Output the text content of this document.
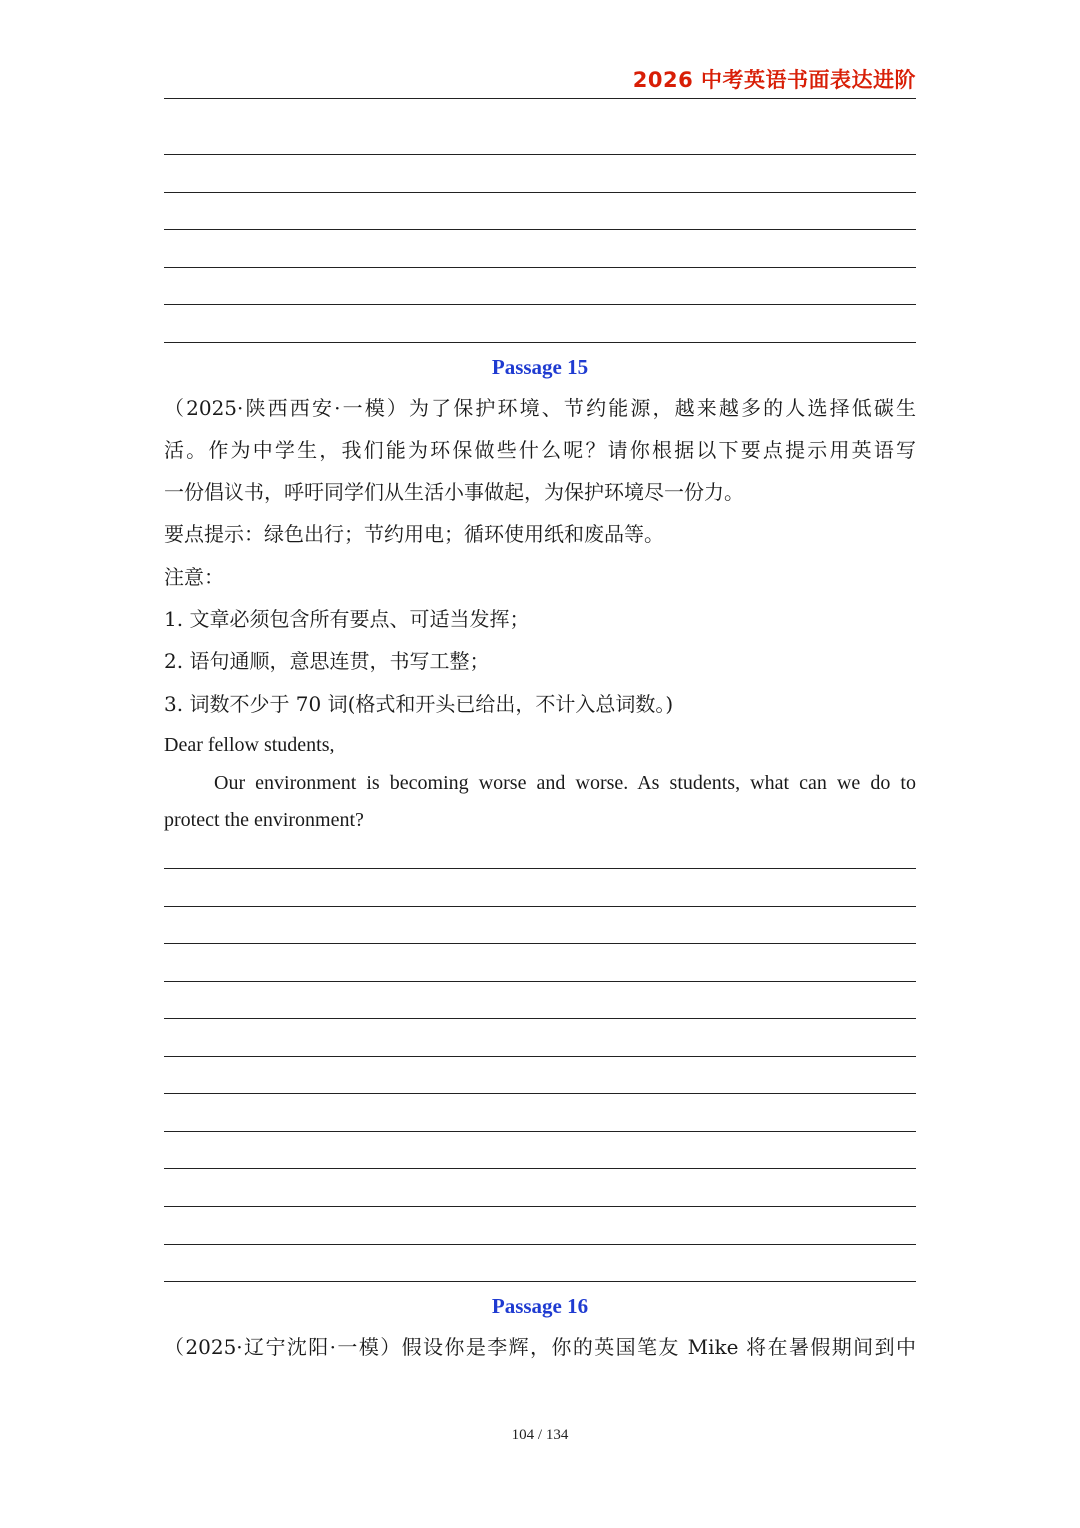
2026 中考英语书面表达进阶
Passage 15
（2025·陕西西安·一模）为了保护环境、节约能源，越来越多的人选择低碳生
活。作为中学生，我们能为环保做些什么呢？请你根据以下要点提示用英语写
一份倡议书，呼吁同学们从生活小事做起，为保护环境尽一份力。
要点提示：绿色出行；节约用电；循环使用纸和废品等。
注意：
1. 文章必须包含所有要点、可适当发挥；
2. 语句通顺，意思连贯，书写工整；
3. 词数不少于 70 词(格式和开头已给出，不计入总词数。)
Dear fellow students,
Our environment is becoming worse and worse. As students, what can we do to
protect the environment?
Passage 16
（2025·辽宁沈阳·一模）假设你是李辉，你的英国笔友 Mike 将在暑假期间到中
104 / 134
